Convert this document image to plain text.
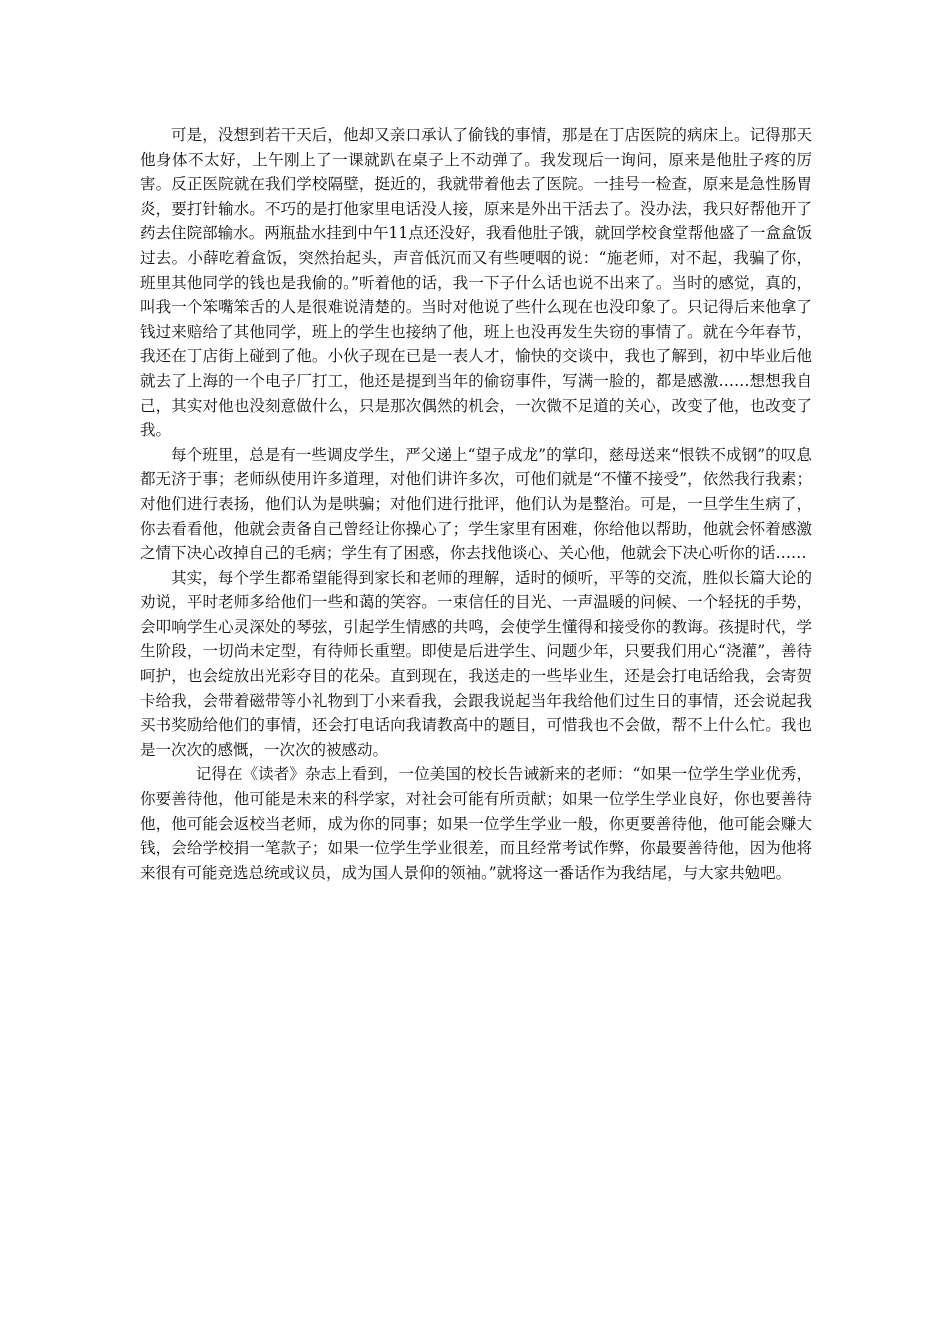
可是，没想到若干天后，他却又亲口承认了偷钱的事情，那是在丁店医院的病床上。记得那天他身体不太好，上午刚上了一课就趴在桌子上不动弹了。我发现后一询问，原来是他肚子疼的厉害。反正医院就在我们学校隔壁，挺近的，我就带着他去了医院。一挂号一检查，原来是急性肠胃炎，要打针输水。不巧的是打他家里电话没人接，原来是外出干活去了。没办法，我只好帮他开了药去住院部输水。两瓶盐水挂到中午11点还没好，我看他肚子饿，就回学校食堂帮他盛了一盒盒饭过去。小薛吃着盒饭，突然抬起头，声音低沉而又有些哽咽的说：“施老师，对不起，我骗了你，班里其他同学的钱也是我偷的。”听着他的话，我一下子什么话也说不出来了。当时的感觉，真的，叫我一个笨嘴笨舌的人是很难说清楚的。当时对他说了些什么现在也没印象了。只记得后来他拿了钱过来赔给了其他同学，班上的学生也接纳了他，班上也没再发生失窃的事情了。就在今年春节，我还在丁店街上碰到了他。小伙子现在已是一表人才，愉快的交谈中，我也了解到，初中毕业后他就去了上海的一个电子厂打工，他还是提到当年的偷窃事件，写满一脸的，都是感激……想想我自己，其实对他也没刻意做什么，只是那次偶然的机会，一次微不足道的关心，改变了他，也改变了我。

每个班里，总是有一些调皮学生，严父递上“望子成龙”的掌印，慈母送来“恨铁不成钢”的叹息都无济于事；老师纵使用许多道理，对他们讲许多次，可他们就是“不懂不接受”，依然我行我素；对他们进行表扬，他们认为是哄骗；对他们进行批评，他们认为是整治。可是，一旦学生生病了，你去看看他，他就会责备自己曾经让你操心了；学生家里有困难，你给他以帮助，他就会怀着感激之情下决心改掉自己的毛病；学生有了困惑，你去找他谈心、关心他，他就会下决心听你的话……

其实，每个学生都希望能得到家长和老师的理解，适时的倾听，平等的交流，胜似长篇大论的劝说，平时老师多给他们一些和蔼的笑容。一束信任的目光、一声温暖的问候、一个轻抚的手势，会叩响学生心灵深处的琴弦，引起学生情感的共鸣，会使学生懂得和接受你的教诲。孩提时代，学生阶段，一切尚未定型，有待师长重塑。即使是后进学生、问题少年，只要我们用心“浇灌”，善待呵护，也会绽放出光彩夺目的花朵。直到现在，我送走的一些毕业生，还是会打电话给我，会寄贺卡给我，会带着磁带等小礼物到丁小来看我，会跟我说起当年我给他们过生日的事情，还会说起我买书奖励给他们的事情，还会打电话向我请教高中的题目，可惜我也不会做，帮不上什么忙。我也是一次次的感慨，一次次的被感动。

记得在《读者》杂志上看到，一位美国的校长告诫新来的老师：“如果一位学生学业优秀，你要善待他，他可能是未来的科学家，对社会可能有所贡献；如果一位学生学业良好，你也要善待他，他可能会返校当老师，成为你的同事；如果一位学生学业一般，你更要善待他，他可能会赚大钱，会给学校捐一笔款子；如果一位学生学业很差，而且经常考试作弊，你最要善待他，因为他将来很有可能竞选总统或议员，成为国人景仰的领袖。”就将这一番话作为我结尾，与大家共勉吧。
